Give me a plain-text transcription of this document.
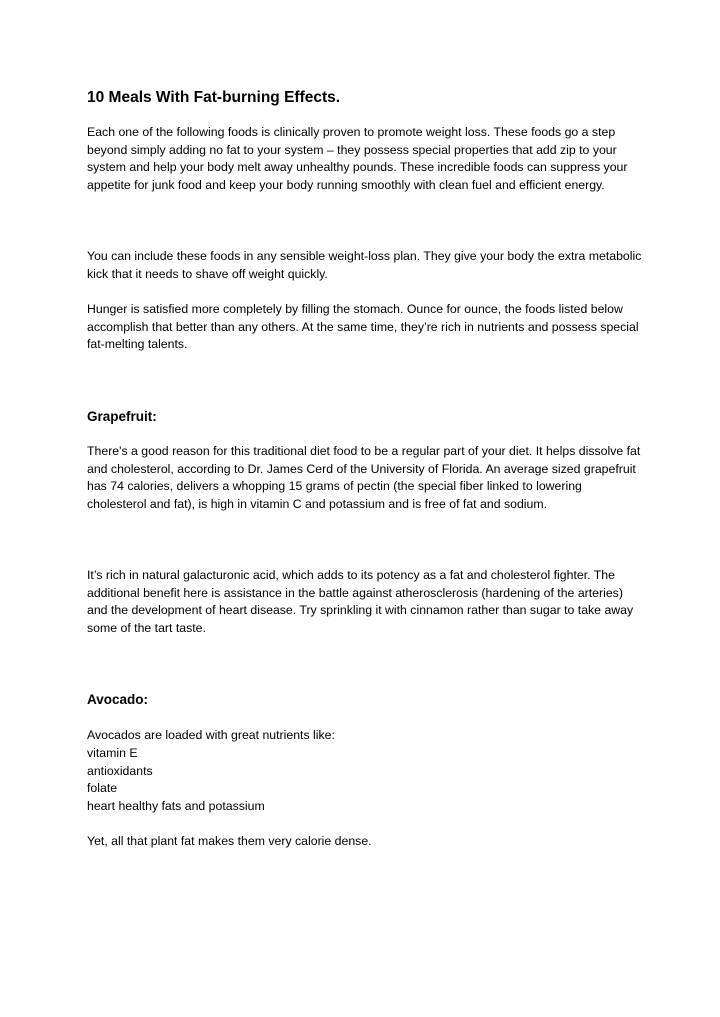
10 Meals With Fat-burning Effects.

Each one of the following foods is clinically proven to promote weight loss. These foods go a step beyond simply adding no fat to your system – they possess special properties that add zip to your system and help your body melt away unhealthy pounds. These incredible foods can suppress your appetite for junk food and keep your body running smoothly with clean fuel and efficient energy.

You can include these foods in any sensible weight-loss plan. They give your body the extra metabolic kick that it needs to shave off weight quickly.

Hunger is satisfied more completely by filling the stomach. Ounce for ounce, the foods listed below accomplish that better than any others. At the same time, they’re rich in nutrients and possess special fat-melting talents.

Grapefruit:

There's a good reason for this traditional diet food to be a regular part of your diet. It helps dissolve fat and cholesterol, according to Dr. James Cerd of the University of Florida. An average sized grapefruit has 74 calories, delivers a whopping 15 grams of pectin (the special fiber linked to lowering cholesterol and fat), is high in vitamin C and potassium and is free of fat and sodium.

It’s rich in natural galacturonic acid, which adds to its potency as a fat and cholesterol fighter. The additional benefit here is assistance in the battle against atherosclerosis (hardening of the arteries) and the development of heart disease. Try sprinkling it with cinnamon rather than sugar to take away some of the tart taste.

Avocado:

Avocados are loaded with great nutrients like:

vitamin E
antioxidants
folate
heart healthy fats and potassium

Yet, all that plant fat makes them very calorie dense.
